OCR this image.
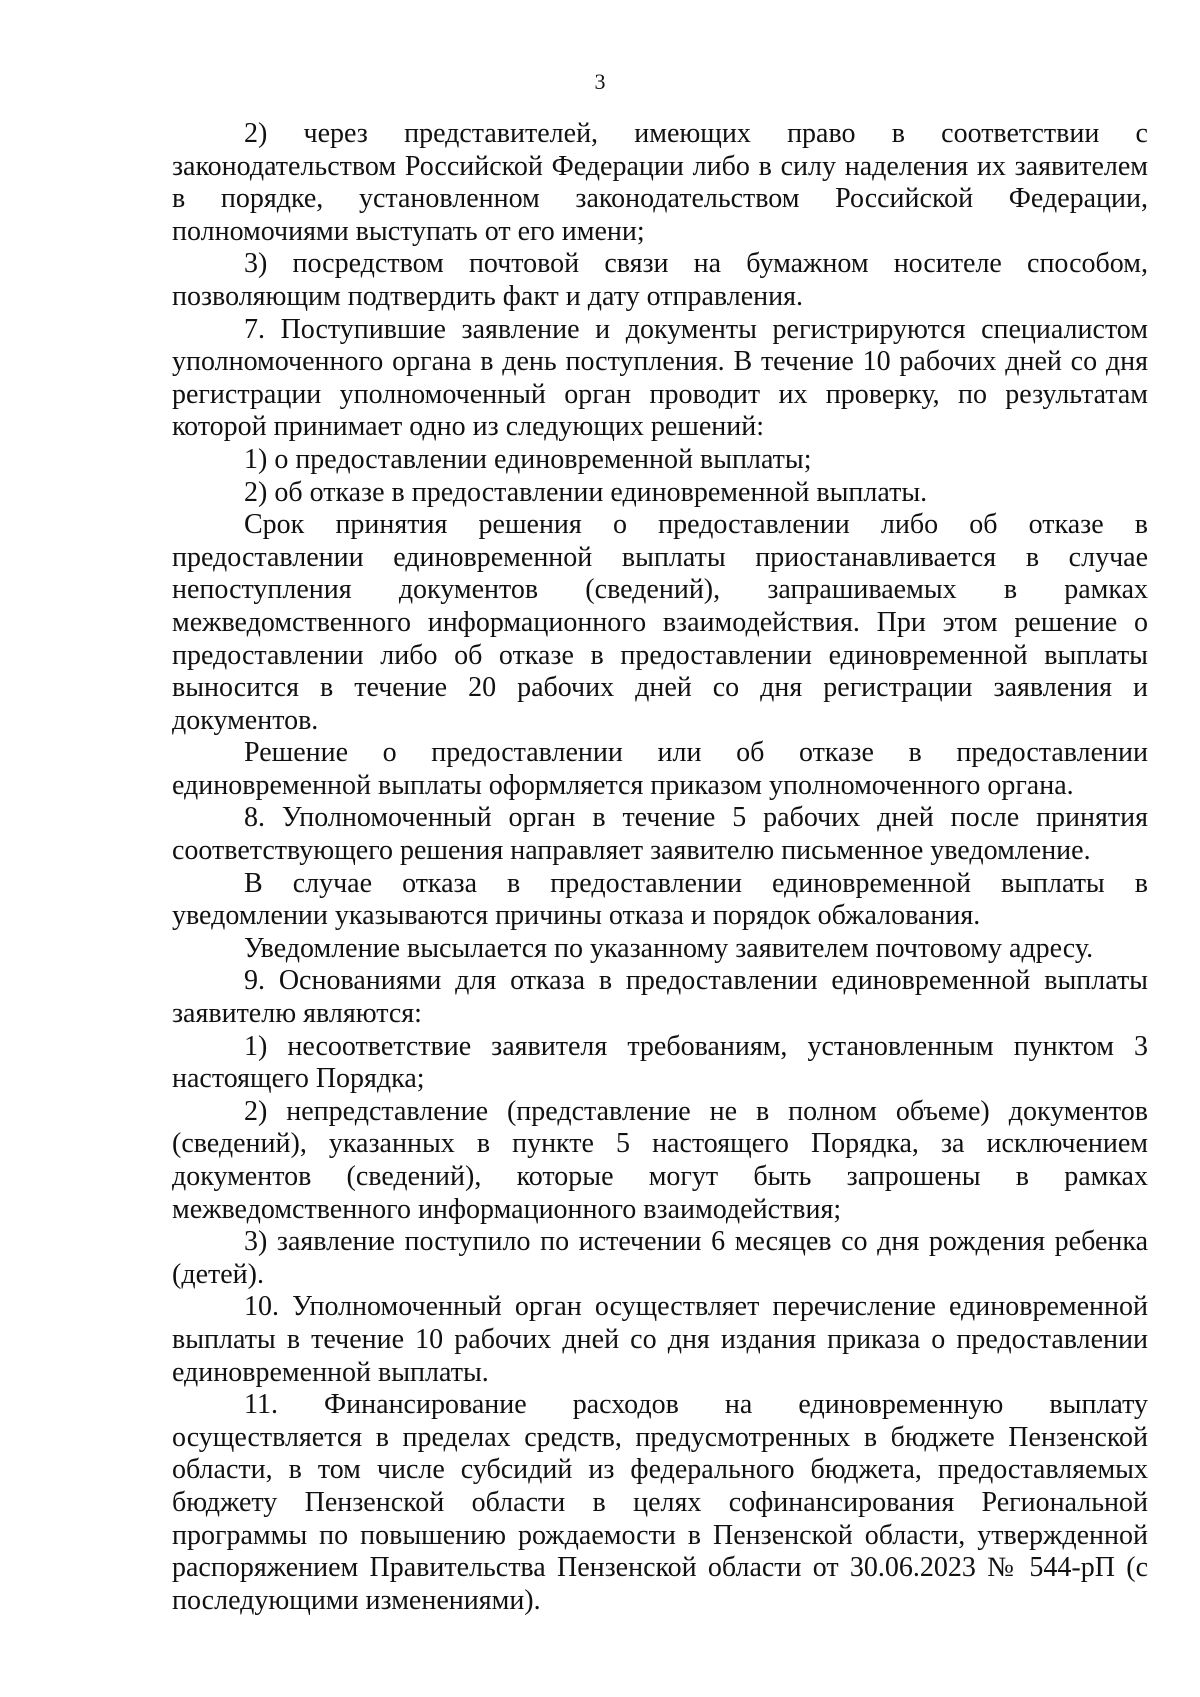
3

2) через представителей, имеющих право в соответствии с законодательством Российской Федерации либо в силу наделения их заявителем в порядке, установленном законодательством Российской Федерации, полномочиями выступать от его имени;

3) посредством почтовой связи на бумажном носителе способом, позволяющим подтвердить факт и дату отправления.

7. Поступившие заявление и документы регистрируются специалистом уполномоченного органа в день поступления. В течение 10 рабочих дней со дня регистрации уполномоченный орган проводит их проверку, по результатам которой принимает одно из следующих решений:

1) о предоставлении единовременной выплаты;

2) об отказе в предоставлении единовременной выплаты.

Срок принятия решения о предоставлении либо об отказе в предоставлении единовременной выплаты приостанавливается в случае непоступления документов (сведений), запрашиваемых в рамках межведомственного информационного взаимодействия. При этом решение о предоставлении либо об отказе в предоставлении единовременной выплаты выносится в течение 20 рабочих дней со дня регистрации заявления и документов.

Решение о предоставлении или об отказе в предоставлении единовременной выплаты оформляется приказом уполномоченного органа.

8. Уполномоченный орган в течение 5 рабочих дней после принятия соответствующего решения направляет заявителю письменное уведомление.

В случае отказа в предоставлении единовременной выплаты в уведомлении указываются причины отказа и порядок обжалования.

Уведомление высылается по указанному заявителем почтовому адресу.

9. Основаниями для отказа в предоставлении единовременной выплаты заявителю являются:

1) несоответствие заявителя требованиям, установленным пунктом 3 настоящего Порядка;

2) непредставление (представление не в полном объеме) документов (сведений), указанных в пункте 5 настоящего Порядка, за исключением документов (сведений), которые могут быть запрошены в рамках межведомственного информационного взаимодействия;

3) заявление поступило по истечении 6 месяцев со дня рождения ребенка (детей).

10. Уполномоченный орган осуществляет перечисление единовременной выплаты в течение 10 рабочих дней со дня издания приказа о предоставлении единовременной выплаты.

11. Финансирование расходов на единовременную выплату осуществляется в пределах средств, предусмотренных в бюджете Пензенской области, в том числе субсидий из федерального бюджета, предоставляемых бюджету Пензенской области в целях софинансирования Региональной программы по повышению рождаемости в Пензенской области, утвержденной распоряжением Правительства Пензенской области от 30.06.2023 № 544-рП (с последующими изменениями).
